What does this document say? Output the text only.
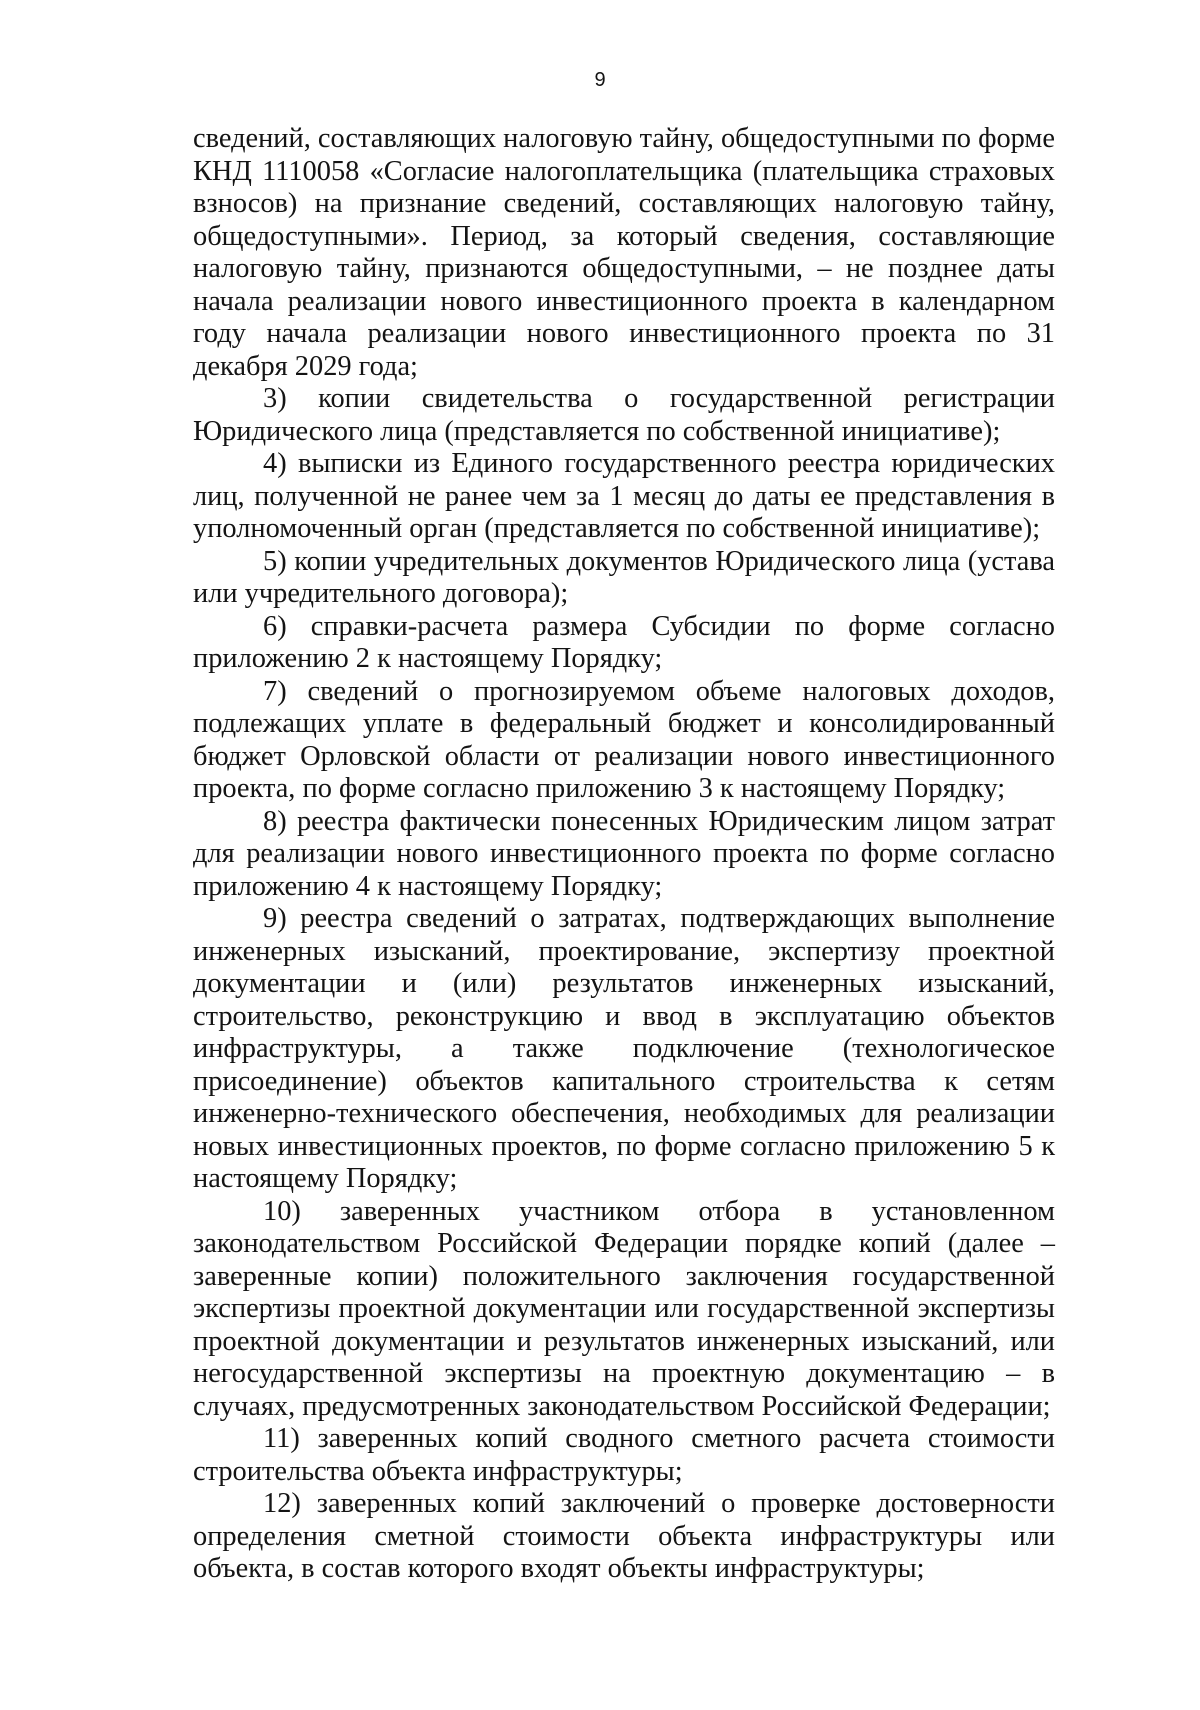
9

сведений, составляющих налоговую тайну, общедоступными по форме КНД 1110058 «Согласие налогоплательщика (плательщика страховых взносов) на признание сведений, составляющих налоговую тайну, общедоступными». Период, за который сведения, составляющие налоговую тайну, признаются общедоступными, – не позднее даты начала реализации нового инвестиционного проекта в календарном году начала реализации нового инвестиционного проекта по 31 декабря 2029 года;

3) копии свидетельства о государственной регистрации Юридического лица (представляется по собственной инициативе);

4) выписки из Единого государственного реестра юридических лиц, полученной не ранее чем за 1 месяц до даты ее представления в уполномоченный орган (представляется по собственной инициативе);

5) копии учредительных документов Юридического лица (устава или учредительного договора);

6) справки-расчета размера Субсидии по форме согласно приложению 2 к настоящему Порядку;

7) сведений о прогнозируемом объеме налоговых доходов, подлежащих уплате в федеральный бюджет и консолидированный бюджет Орловской области от реализации нового инвестиционного проекта, по форме согласно приложению 3 к настоящему Порядку;

8) реестра фактически понесенных Юридическим лицом затрат для реализации нового инвестиционного проекта по форме согласно приложению 4 к настоящему Порядку;

9) реестра сведений о затратах, подтверждающих выполнение инженерных изысканий, проектирование, экспертизу проектной документации и (или) результатов инженерных изысканий, строительство, реконструкцию и ввод в эксплуатацию объектов инфраструктуры, а также подключение (технологическое присоединение) объектов капитального строительства к сетям инженерно-технического обеспечения, необходимых для реализации новых инвестиционных проектов, по форме согласно приложению 5 к настоящему Порядку;

10) заверенных участником отбора в установленном законодательством Российской Федерации порядке копий (далее – заверенные копии) положительного заключения государственной экспертизы проектной документации или государственной экспертизы проектной документации и результатов инженерных изысканий, или негосударственной экспертизы на проектную документацию – в случаях, предусмотренных законодательством Российской Федерации;

11) заверенных копий сводного сметного расчета стоимости строительства объекта инфраструктуры;

12) заверенных копий заключений о проверке достоверности определения сметной стоимости объекта инфраструктуры или объекта, в состав которого входят объекты инфраструктуры;
